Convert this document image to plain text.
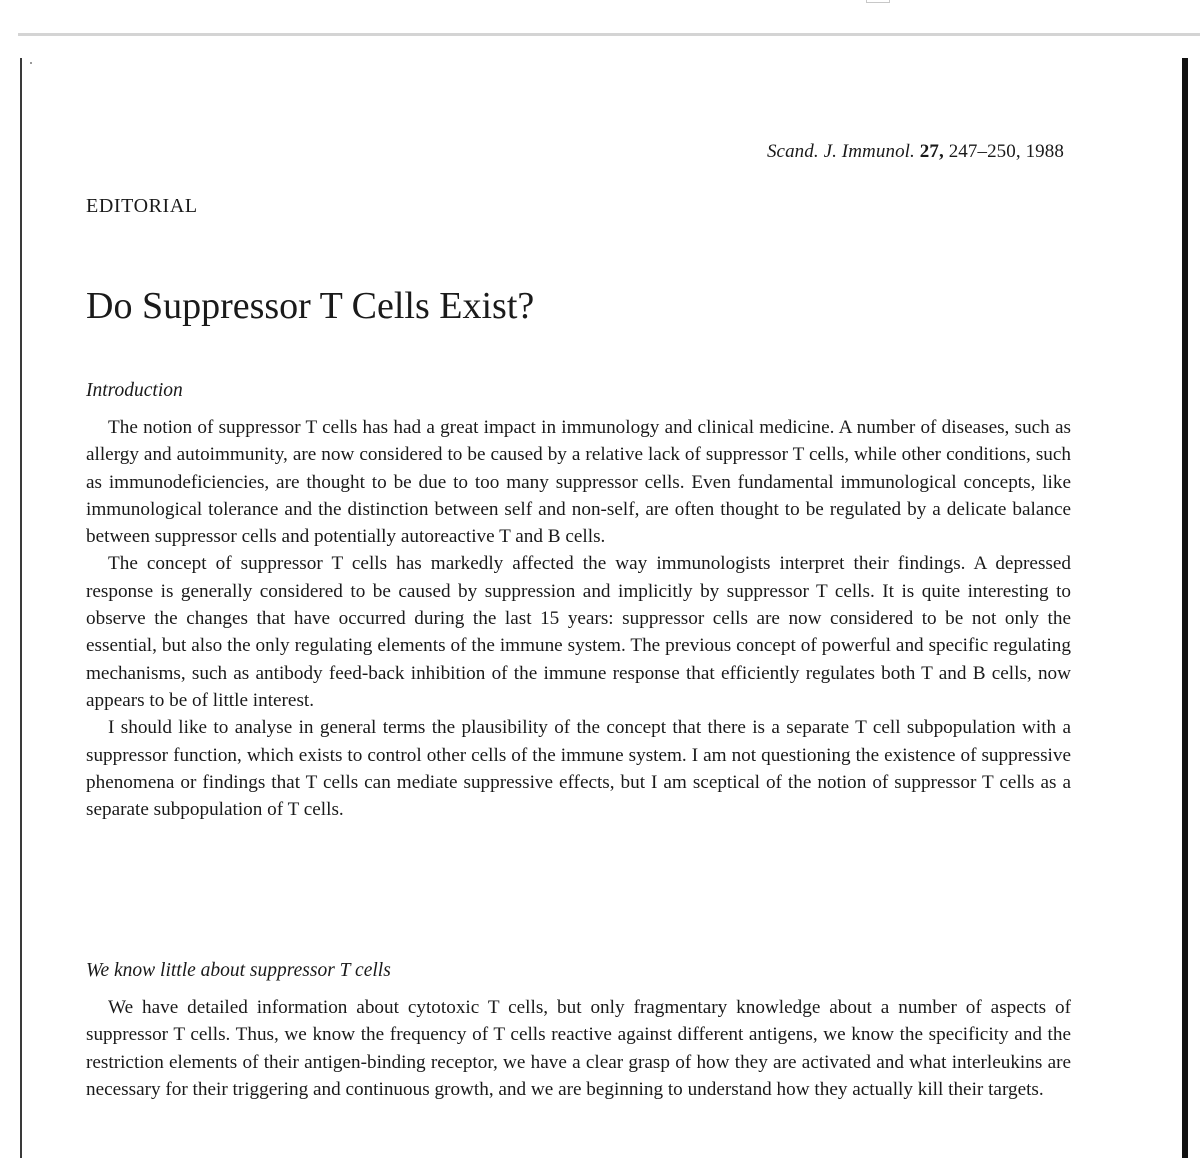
Scand. J. Immunol. 27, 247–250, 1988
EDITORIAL
Do Suppressor T Cells Exist?
Introduction

The notion of suppressor T cells has had a great impact in immunology and clinical medicine. A number of diseases, such as allergy and autoimmunity, are now considered to be caused by a relative lack of suppressor T cells, while other conditions, such as immunodeficiencies, are thought to be due to too many suppressor cells. Even fundamental immunological concepts, like immunological tolerance and the distinction between self and non-self, are often thought to be regulated by a delicate balance between suppressor cells and potentially autoreactive T and B cells.

The concept of suppressor T cells has markedly affected the way immunologists interpret their findings. A depressed response is generally considered to be caused by suppression and implicitly by suppressor T cells. It is quite interesting to observe the changes that have occurred during the last 15 years: suppressor cells are now considered to be not only the essential, but also the only regulating elements of the immune system. The previous concept of powerful and specific regulating mechanisms, such as antibody feed-back inhibition of the immune response that efficiently regulates both T and B cells, now appears to be of little interest.

I should like to analyse in general terms the plausibility of the concept that there is a separate T cell subpopulation with a suppressor function, which exists to control other cells of the immune system. I am not questioning the existence of suppressive phenomena or findings that T cells can mediate suppressive effects, but I am sceptical of the notion of suppressor T cells as a separate subpopulation of T cells.

We know little about suppressor T cells

We have detailed information about cytotoxic T cells, but only fragmentary knowledge about a number of aspects of suppressor T cells. Thus, we know the frequency of T cells reactive against different antigens, we know the specificity and the restriction elements of their antigen-binding receptor, we have a clear grasp of how they are activated and what interleukins are necessary for their triggering and continuous growth, and we are beginning to understand how they actually kill their targets.
